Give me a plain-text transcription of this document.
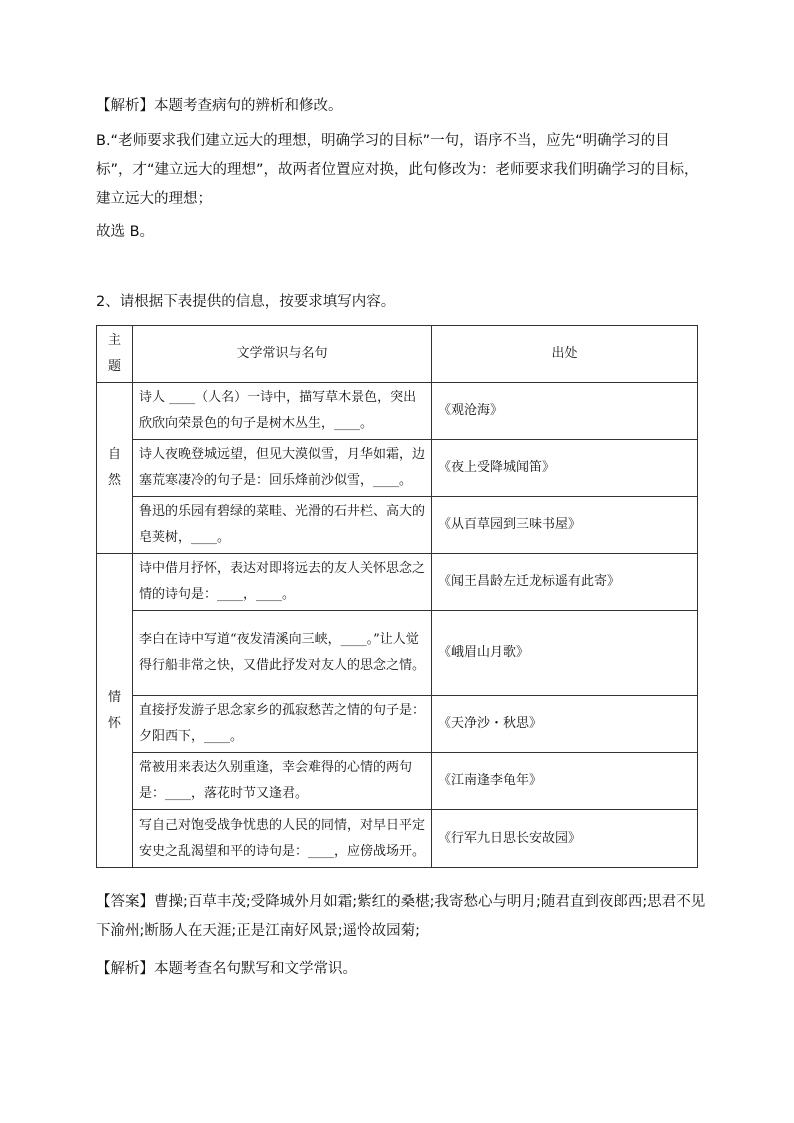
【解析】本题考查病句的辨析和修改。
B.“老师要求我们建立远大的理想，明确学习的目标”一句，语序不当，应先“明确学习的目标”，才“建立远大的理想”，故两者位置应对换，此句修改为：老师要求我们明确学习的目标，建立远大的理想；
故选 B。
2、请根据下表提供的信息，按要求填写内容。
主题	文学常识与名句	出处
自然	诗人 ____（人名）一诗中，描写草木景色，突出欣欣向荣景色的句子是树木丛生，____。	《观沧海》
	诗人夜晚登城远望，但见大漠似雪，月华如霜，边塞荒寒凄冷的句子是：回乐烽前沙似雪，____。	《夜上受降城闻笛》
	鲁迅的乐园有碧绿的菜畦、光滑的石井栏、高大的皂荚树，____。	《从百草园到三味书屋》
情怀	诗中借月抒怀，表达对即将远去的友人关怀思念之情的诗句是：____，____。	《闻王昌龄左迁龙标遥有此寄》
	李白在诗中写道“夜发清溪向三峡，____。”让人觉得行船非常之快，又借此抒发对友人的思念之情。	《峨眉山月歌》
	直接抒发游子思念家乡的孤寂愁苦之情的句子是：夕阳西下，____。	《天净沙・秋思》
	常被用来表达久别重逢，幸会难得的心情的两句是：____，落花时节又逢君。	《江南逢李龟年》
	写自己对饱受战争忧患的人民的同情，对早日平定安史之乱渴望和平的诗句是：____，应傍战场开。	《行军九日思长安故园》
【答案】曹操;百草丰茂;受降城外月如霜;紫红的桑椹;我寄愁心与明月;随君直到夜郎西;思君不见下渝州;断肠人在天涯;正是江南好风景;遥怜故园菊;
【解析】本题考查名句默写和文学常识。
